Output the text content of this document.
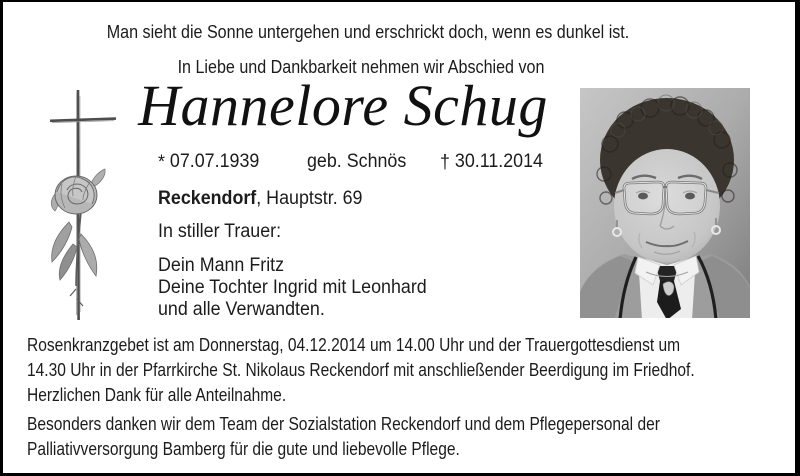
Man sieht die Sonne untergehen und erschrickt doch, wenn es dunkel ist.
In Liebe und Dankbarkeit nehmen wir Abschied von
Hannelore Schug
* 07.07.1939	geb. Schnös † 30.11.2014
Reckendorf, Hauptstr. 69
In stiller Trauer:
Dein Mann Fritz
Deine Tochter Ingrid mit Leonhard
und alle Verwandten.
Rosenkranzgebet ist am Donnerstag, 04.12.2014 um 14.00 Uhr und der Trauergottesdienst um
14.30 Uhr in der Pfarrkirche St. Nikolaus Reckendorf mit anschließender Beerdigung im Friedhof.
Herzlichen Dank für alle Anteilnahme.
Besonders danken wir dem Team der Sozialstation Reckendorf und dem Pflegepersonal der
Palliativversorgung Bamberg für die gute und liebevolle Pflege.
